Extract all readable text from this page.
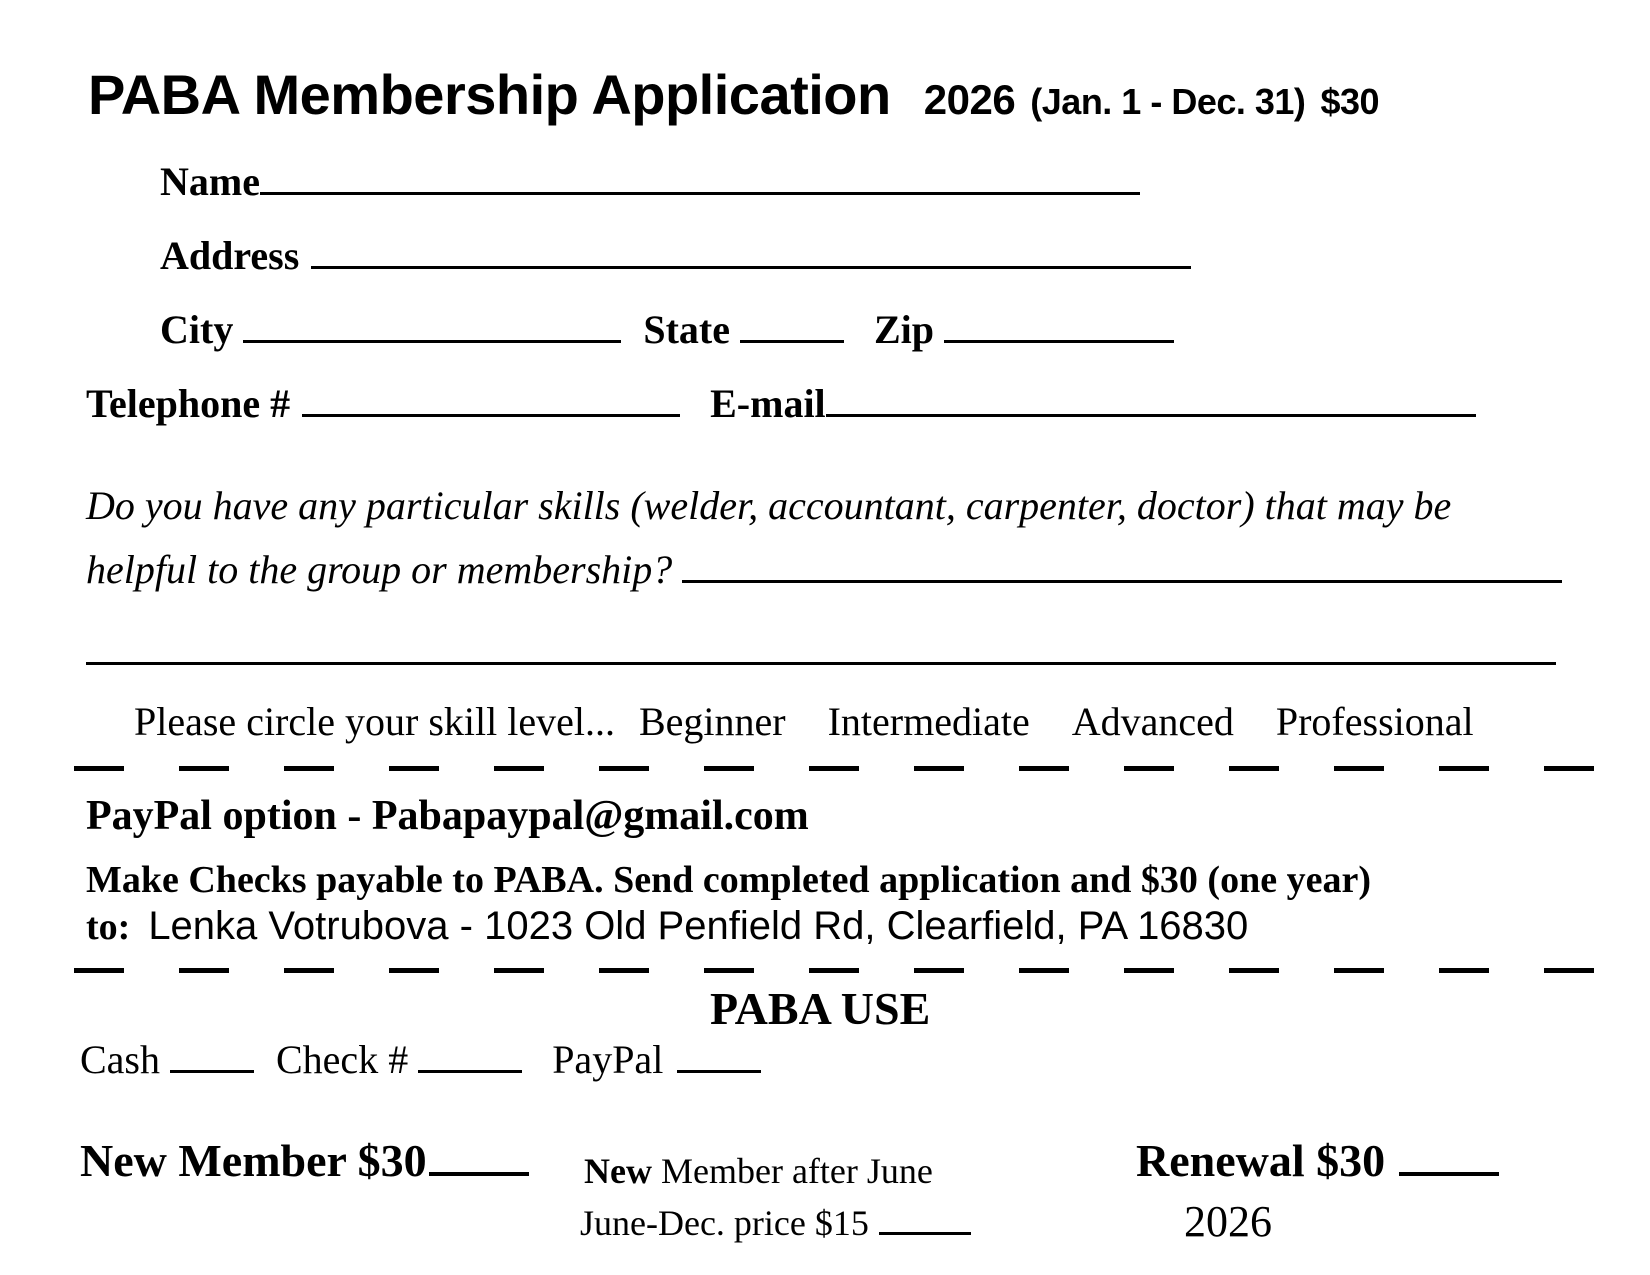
PABA Membership Application 2026 (Jan. 1 - Dec. 31) $30
Name
Address
City	State	Zip
Telephone #	E-mail
Do you have any particular skills (welder, accountant, carpenter, doctor) that may be
helpful to the group or membership?
Please circle your skill level... Beginner Intermediate Advanced Professional
PayPal option - Pabapaypal@gmail.com
Make Checks payable to PABA. Send completed application and $30 (one year)
to: Lenka Votrubova - 1023 Old Penfield Rd, Clearfield, PA 16830
PABA USE
Cash	Check #	PayPal
New Member $30	New Member after June
June-Dec. price $15
Renewal $30
2026
